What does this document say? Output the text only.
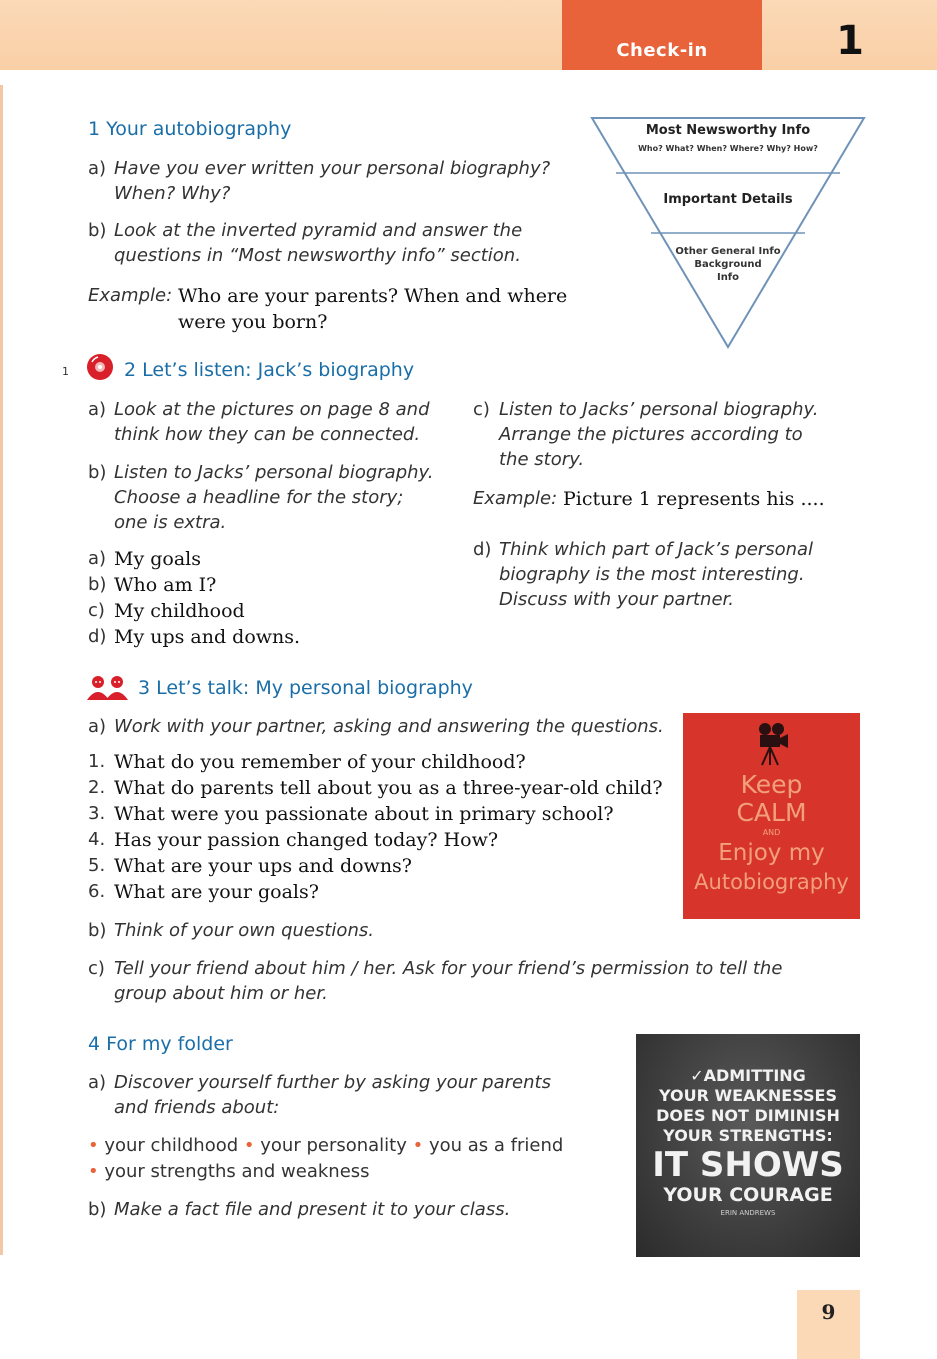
Check-in	1
1 Your autobiography
a) Have you ever written your personal biography? When? Why?
b) Look at the inverted pyramid and answer the questions in “Most newsworthy info” section.
Example: Who are your parents? When and where were you born?
Most Newsworthy Info
Who? What? When? Where? Why? How?
Important Details
Other General Info
Background
Info
1	2 Let’s listen: Jack’s biography
a) Look at the pictures on page 8 and think how they can be connected.
b) Listen to Jacks’ personal biography. Choose a headline for the story; one is extra.
a) My goals
b) Who am I?
c) My childhood
d) My ups and downs.
c) Listen to Jacks’ personal biography. Arrange the pictures according to the story.
Example: Picture 1 represents his ....
d) Think which part of Jack’s personal biography is the most interesting. Discuss with your partner.
3 Let’s talk: My personal biography
a) Work with your partner, asking and answering the questions.
1. What do you remember of your childhood?
2. What do parents tell about you as a three-year-old child?
3. What were you passionate about in primary school?
4. Has your passion changed today? How?
5. What are your ups and downs?
6. What are your goals?
b) Think of your own questions.
c) Tell your friend about him / her. Ask for your friend’s permission to tell the group about him or her.
Keep
CALM
AND
Enjoy my
Autobiography
4 For my folder
a) Discover yourself further by asking your parents and friends about:
• your childhood • your personality • you as a friend
• your strengths and weakness
b) Make a fact file and present it to your class.
✓ADMITTING
YOUR WEAKNESSES
DOES NOT DIMINISH
YOUR STRENGTHS:
IT SHOWS
YOUR COURAGE
ERIN ANDREWS
9
